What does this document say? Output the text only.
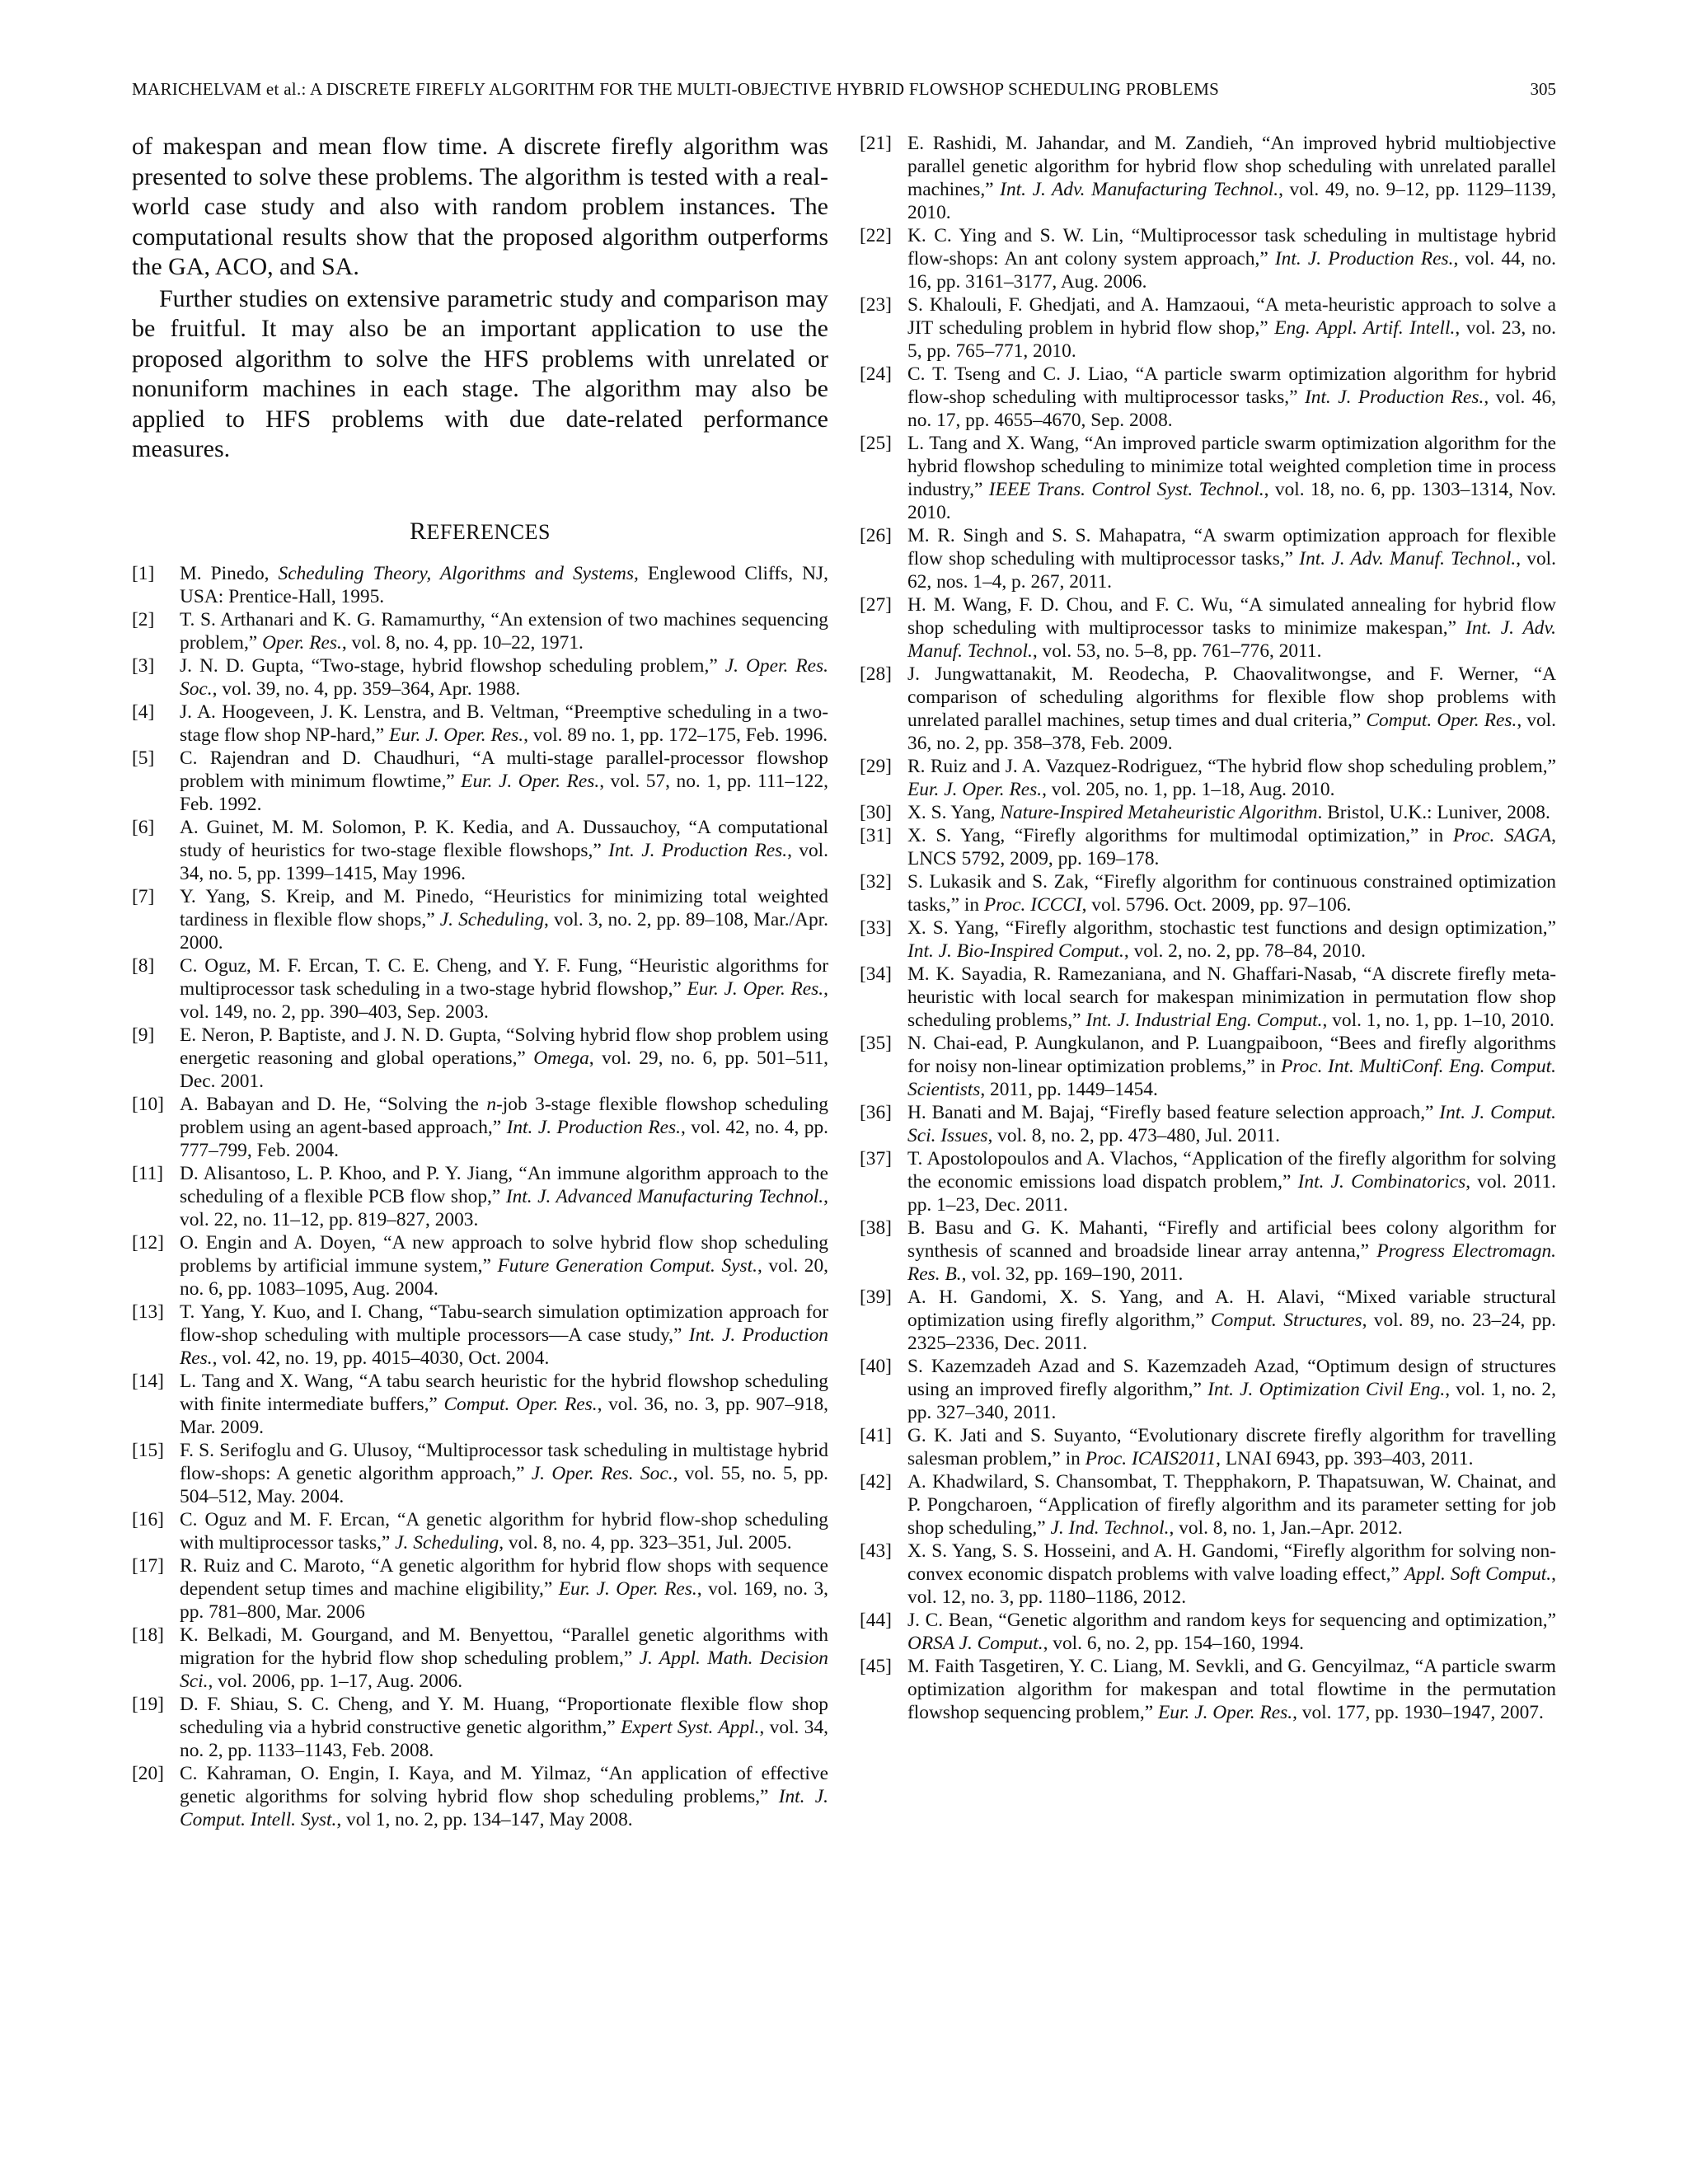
MARICHELVAM et al.: A DISCRETE FIREFLY ALGORITHM FOR THE MULTI-OBJECTIVE HYBRID FLOWSHOP SCHEDULING PROBLEMS	305

of makespan and mean flow time. A discrete firefly algorithm was presented to solve these problems. The algorithm is tested with a real-world case study and also with random problem instances. The computational results show that the proposed algorithm outperforms the GA, ACO, and SA.

Further studies on extensive parametric study and comparison may be fruitful. It may also be an important application to use the proposed algorithm to solve the HFS problems with unrelated or nonuniform machines in each stage. The algorithm may also be applied to HFS problems with due date-related performance measures.

REFERENCES
[1]	M. Pinedo, Scheduling Theory, Algorithms and Systems, Englewood Cliffs, NJ, USA: Prentice-Hall, 1995.
[2]	T. S. Arthanari and K. G. Ramamurthy, “An extension of two machines sequencing problem,” Oper. Res., vol. 8, no. 4, pp. 10–22, 1971.
[3]	J. N. D. Gupta, “Two-stage, hybrid flowshop scheduling problem,” J. Oper. Res. Soc., vol. 39, no. 4, pp. 359–364, Apr. 1988.
[4]	J. A. Hoogeveen, J. K. Lenstra, and B. Veltman, “Preemptive scheduling in a two-stage flow shop NP-hard,” Eur. J. Oper. Res., vol. 89 no. 1, pp. 172–175, Feb. 1996.
[5]	C. Rajendran and D. Chaudhuri, “A multi-stage parallel-processor flowshop problem with minimum flowtime,” Eur. J. Oper. Res., vol. 57, no. 1, pp. 111–122, Feb. 1992.
[6]	A. Guinet, M. M. Solomon, P. K. Kedia, and A. Dussauchoy, “A computational study of heuristics for two-stage flexible flowshops,” Int. J. Production Res., vol. 34, no. 5, pp. 1399–1415, May 1996.
[7]	Y. Yang, S. Kreip, and M. Pinedo, “Heuristics for minimizing total weighted tardiness in flexible flow shops,” J. Scheduling, vol. 3, no. 2, pp. 89–108, Mar./Apr. 2000.
[8]	C. Oguz, M. F. Ercan, T. C. E. Cheng, and Y. F. Fung, “Heuristic algorithms for multiprocessor task scheduling in a two-stage hybrid flowshop,” Eur. J. Oper. Res., vol. 149, no. 2, pp. 390–403, Sep. 2003.
[9]	E. Neron, P. Baptiste, and J. N. D. Gupta, “Solving hybrid flow shop problem using energetic reasoning and global operations,” Omega, vol. 29, no. 6, pp. 501–511, Dec. 2001.
[10] A. Babayan and D. He, “Solving the n-job 3-stage flexible flowshop scheduling problem using an agent-based approach,” Int. J. Production Res., vol. 42, no. 4, pp. 777–799, Feb. 2004.
[11] D. Alisantoso, L. P. Khoo, and P. Y. Jiang, “An immune algorithm approach to the scheduling of a flexible PCB flow shop,” Int. J. Advanced Manufacturing Technol., vol. 22, no. 11–12, pp. 819–827, 2003.
[12] O. Engin and A. Doyen, “A new approach to solve hybrid flow shop scheduling problems by artificial immune system,” Future Generation Comput. Syst., vol. 20, no. 6, pp. 1083–1095, Aug. 2004.
[13] T. Yang, Y. Kuo, and I. Chang, “Tabu-search simulation optimization approach for flow-shop scheduling with multiple processors—A case study,” Int. J. Production Res., vol. 42, no. 19, pp. 4015–4030, Oct. 2004.
[14] L. Tang and X. Wang, “A tabu search heuristic for the hybrid flowshop scheduling with finite intermediate buffers,” Comput. Oper. Res., vol. 36, no. 3, pp. 907–918, Mar. 2009.
[15] F. S. Serifoglu and G. Ulusoy, “Multiprocessor task scheduling in multistage hybrid flow-shops: A genetic algorithm approach,” J. Oper. Res. Soc., vol. 55, no. 5, pp. 504–512, May. 2004.
[16] C. Oguz and M. F. Ercan, “A genetic algorithm for hybrid flow-shop scheduling with multiprocessor tasks,” J. Scheduling, vol. 8, no. 4, pp. 323–351, Jul. 2005.
[17] R. Ruiz and C. Maroto, “A genetic algorithm for hybrid flow shops with sequence dependent setup times and machine eligibility,” Eur. J. Oper. Res., vol. 169, no. 3, pp. 781–800, Mar. 2006
[18] K. Belkadi, M. Gourgand, and M. Benyettou, “Parallel genetic algorithms with migration for the hybrid flow shop scheduling problem,” J. Appl. Math. Decision Sci., vol. 2006, pp. 1–17, Aug. 2006.
[19] D. F. Shiau, S. C. Cheng, and Y. M. Huang, “Proportionate flexible flow shop scheduling via a hybrid constructive genetic algorithm,” Expert Syst. Appl., vol. 34, no. 2, pp. 1133–1143, Feb. 2008.
[20] C. Kahraman, O. Engin, I. Kaya, and M. Yilmaz, “An application of effective genetic algorithms for solving hybrid flow shop scheduling problems,” Int. J. Comput. Intell. Syst., vol 1, no. 2, pp. 134–147, May 2008.
[21] E. Rashidi, M. Jahandar, and M. Zandieh, “An improved hybrid multiobjective parallel genetic algorithm for hybrid flow shop scheduling with unrelated parallel machines,” Int. J. Adv. Manufacturing Technol., vol. 49, no. 9–12, pp. 1129–1139, 2010.
[22] K. C. Ying and S. W. Lin, “Multiprocessor task scheduling in multistage hybrid flow-shops: An ant colony system approach,” Int. J. Production Res., vol. 44, no. 16, pp. 3161–3177, Aug. 2006.
[23] S. Khalouli, F. Ghedjati, and A. Hamzaoui, “A meta-heuristic approach to solve a JIT scheduling problem in hybrid flow shop,” Eng. Appl. Artif. Intell., vol. 23, no. 5, pp. 765–771, 2010.
[24] C. T. Tseng and C. J. Liao, “A particle swarm optimization algorithm for hybrid flow-shop scheduling with multiprocessor tasks,” Int. J. Production Res., vol. 46, no. 17, pp. 4655–4670, Sep. 2008.
[25] L. Tang and X. Wang, “An improved particle swarm optimization algorithm for the hybrid flowshop scheduling to minimize total weighted completion time in process industry,” IEEE Trans. Control Syst. Technol., vol. 18, no. 6, pp. 1303–1314, Nov. 2010.
[26] M. R. Singh and S. S. Mahapatra, “A swarm optimization approach for flexible flow shop scheduling with multiprocessor tasks,” Int. J. Adv. Manuf. Technol., vol. 62, nos. 1–4, p. 267, 2011.
[27] H. M. Wang, F. D. Chou, and F. C. Wu, “A simulated annealing for hybrid flow shop scheduling with multiprocessor tasks to minimize makespan,” Int. J. Adv. Manuf. Technol., vol. 53, no. 5–8, pp. 761–776, 2011.
[28] J. Jungwattanakit, M. Reodecha, P. Chaovalitwongse, and F. Werner, “A comparison of scheduling algorithms for flexible flow shop problems with unrelated parallel machines, setup times and dual criteria,” Comput. Oper. Res., vol. 36, no. 2, pp. 358–378, Feb. 2009.
[29] R. Ruiz and J. A. Vazquez-Rodriguez, “The hybrid flow shop scheduling problem,” Eur. J. Oper. Res., vol. 205, no. 1, pp. 1–18, Aug. 2010.
[30] X. S. Yang, Nature-Inspired Metaheuristic Algorithm. Bristol, U.K.: Luniver, 2008.
[31] X. S. Yang, “Firefly algorithms for multimodal optimization,” in Proc. SAGA, LNCS 5792, 2009, pp. 169–178.
[32] S. Lukasik and S. Zak, “Firefly algorithm for continuous constrained optimization tasks,” in Proc. ICCCI, vol. 5796. Oct. 2009, pp. 97–106.
[33] X. S. Yang, “Firefly algorithm, stochastic test functions and design optimization,” Int. J. Bio-Inspired Comput., vol. 2, no. 2, pp. 78–84, 2010.
[34] M. K. Sayadia, R. Ramezaniana, and N. Ghaffari-Nasab, “A discrete firefly meta-heuristic with local search for makespan minimization in permutation flow shop scheduling problems,” Int. J. Industrial Eng. Comput., vol. 1, no. 1, pp. 1–10, 2010.
[35] N. Chai-ead, P. Aungkulanon, and P. Luangpaiboon, “Bees and firefly algorithms for noisy non-linear optimization problems,” in Proc. Int. MultiConf. Eng. Comput. Scientists, 2011, pp. 1449–1454.
[36] H. Banati and M. Bajaj, “Firefly based feature selection approach,” Int. J. Comput. Sci. Issues, vol. 8, no. 2, pp. 473–480, Jul. 2011.
[37] T. Apostolopoulos and A. Vlachos, “Application of the firefly algorithm for solving the economic emissions load dispatch problem,” Int. J. Combinatorics, vol. 2011. pp. 1–23, Dec. 2011.
[38] B. Basu and G. K. Mahanti, “Firefly and artificial bees colony algorithm for synthesis of scanned and broadside linear array antenna,” Progress Electromagn. Res. B., vol. 32, pp. 169–190, 2011.
[39] A. H. Gandomi, X. S. Yang, and A. H. Alavi, “Mixed variable structural optimization using firefly algorithm,” Comput. Structures, vol. 89, no. 23–24, pp. 2325–2336, Dec. 2011.
[40] S. Kazemzadeh Azad and S. Kazemzadeh Azad, “Optimum design of structures using an improved firefly algorithm,” Int. J. Optimization Civil Eng., vol. 1, no. 2, pp. 327–340, 2011.
[41] G. K. Jati and S. Suyanto, “Evolutionary discrete firefly algorithm for travelling salesman problem,” in Proc. ICAIS2011, LNAI 6943, pp. 393–403, 2011.
[42] A. Khadwilard, S. Chansombat, T. Thepphakorn, P. Thapatsuwan, W. Chainat, and P. Pongcharoen, “Application of firefly algorithm and its parameter setting for job shop scheduling,” J. Ind. Technol., vol. 8, no. 1, Jan.–Apr. 2012.
[43] X. S. Yang, S. S. Hosseini, and A. H. Gandomi, “Firefly algorithm for solving non-convex economic dispatch problems with valve loading effect,” Appl. Soft Comput., vol. 12, no. 3, pp. 1180–1186, 2012.
[44] J. C. Bean, “Genetic algorithm and random keys for sequencing and optimization,” ORSA J. Comput., vol. 6, no. 2, pp. 154–160, 1994.
[45] M. Faith Tasgetiren, Y. C. Liang, M. Sevkli, and G. Gencyilmaz, “A particle swarm optimization algorithm for makespan and total flowtime in the permutation flowshop sequencing problem,” Eur. J. Oper. Res., vol. 177, pp. 1930–1947, 2007.
